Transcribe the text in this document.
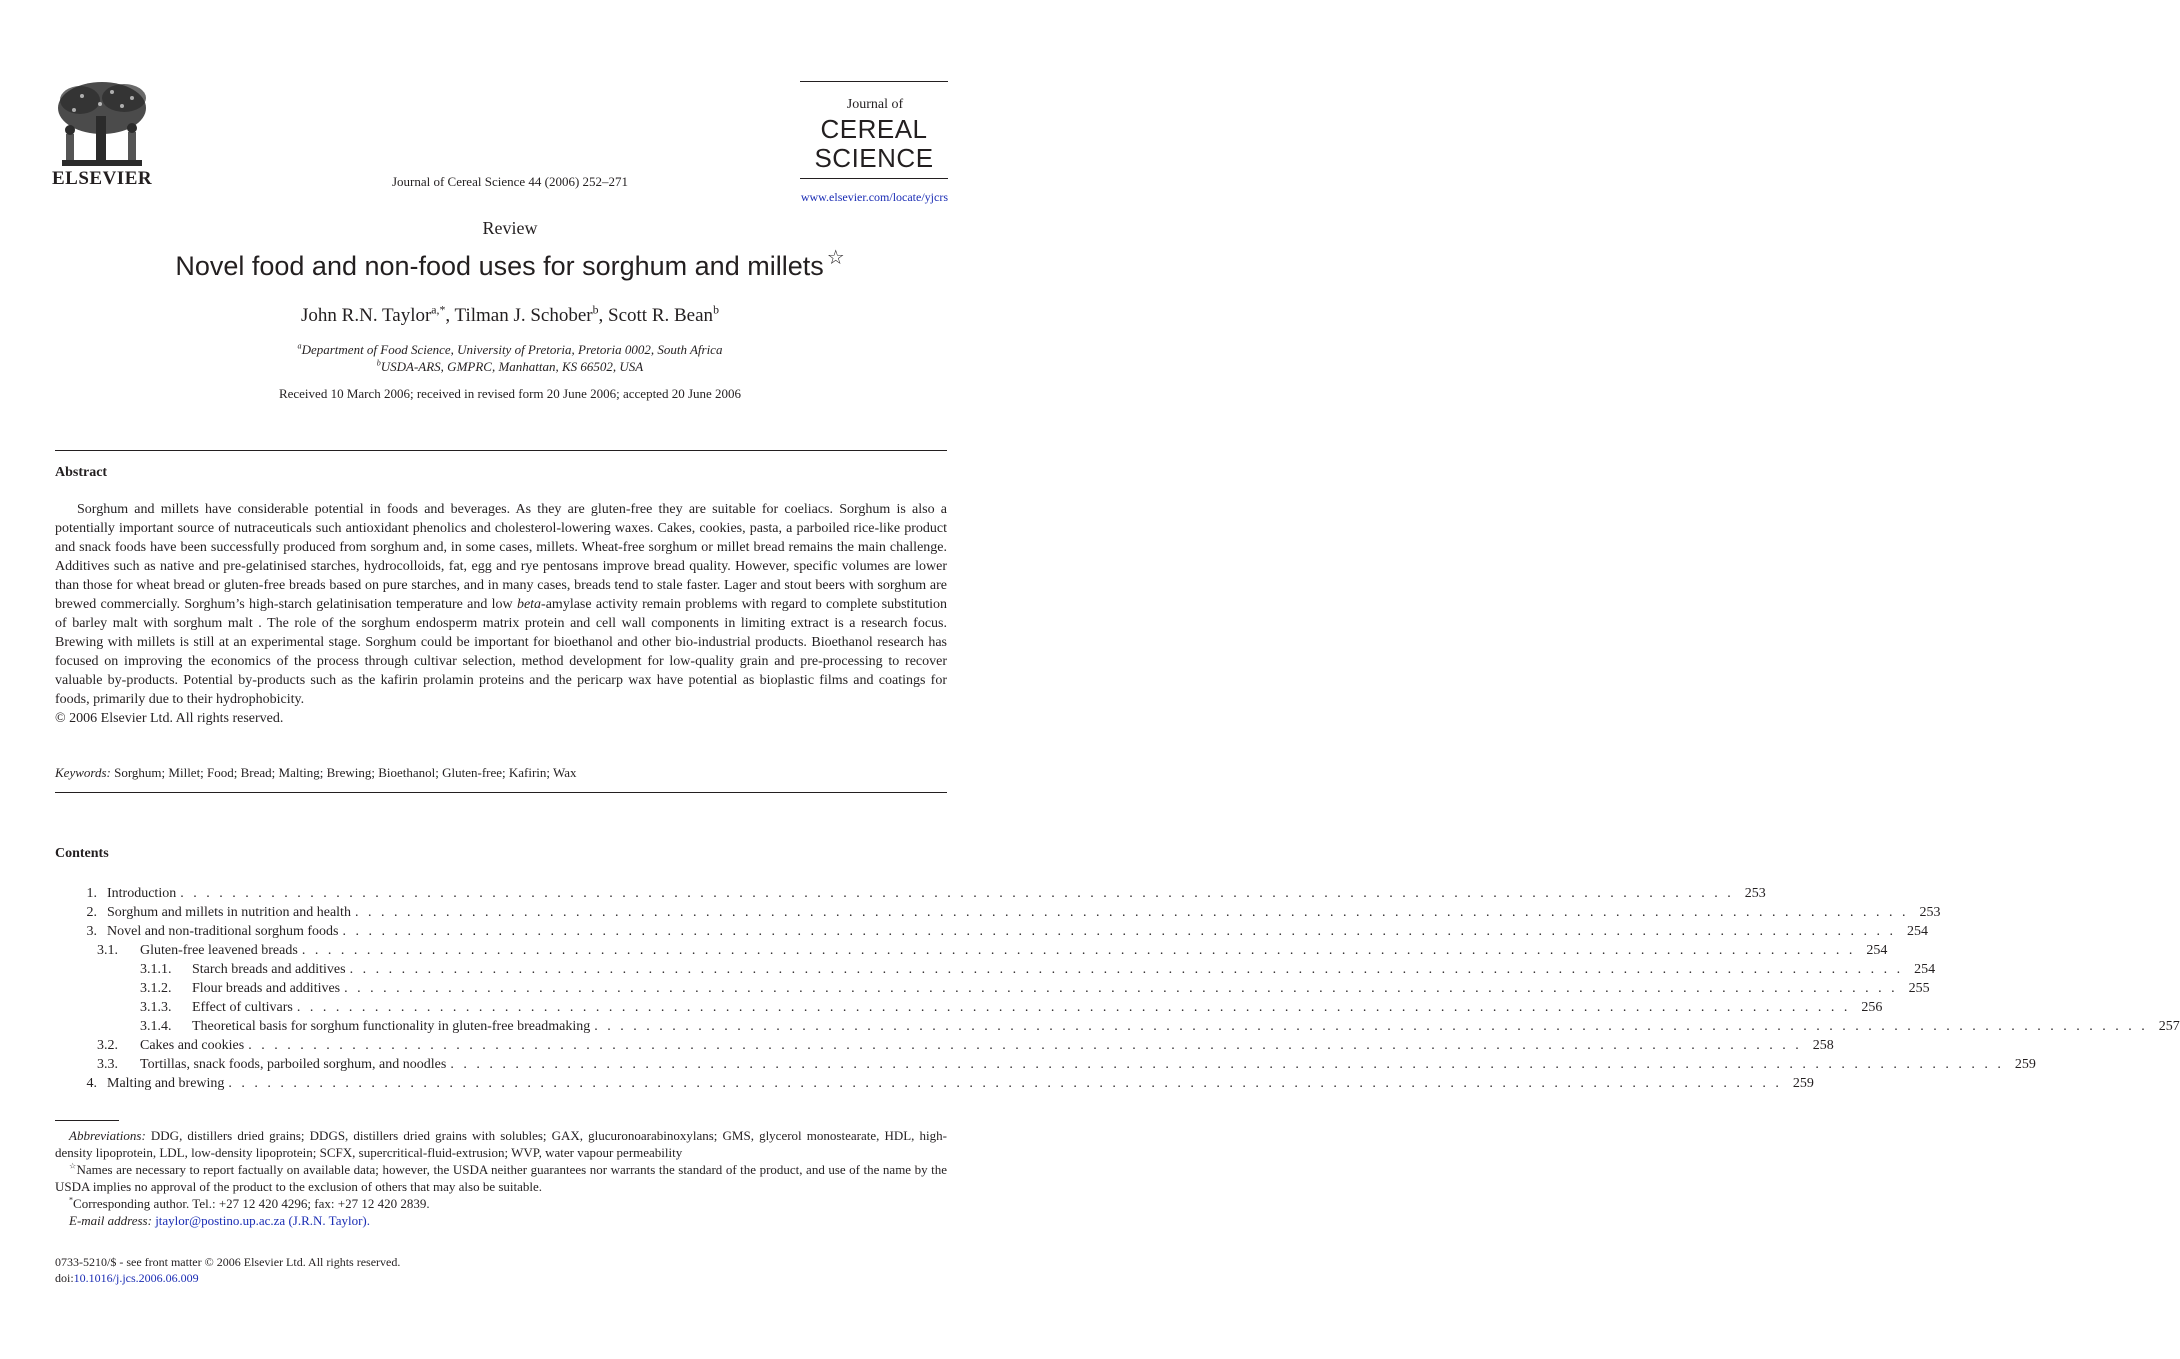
ELSEVIER	Journal of Cereal Science 44 (2006) 252–271
Journal of
CEREAL
SCIENCE
www.elsevier.com/locate/yjcrs
Review
Novel food and non-food uses for sorghum and millets ☆
John R.N. Taylor$^{a,*}$, Tilman J. Schober$^b$, Scott R. Bean$^b$
$^a$Department of Food Science, University of Pretoria, Pretoria 0002, South Africa
$^b$USDA-ARS, GMPRC, Manhattan, KS 66502, USA
Received 10 March 2006; received in revised form 20 June 2006; accepted 20 June 2006
Abstract

Sorghum and millets have considerable potential in foods and beverages. As they are gluten-free they are suitable for coeliacs. Sorghum is also a potentially important source of nutraceuticals such antioxidant phenolics and cholesterol-lowering waxes. Cakes, cookies, pasta, a parboiled rice-like product and snack foods have been successfully produced from sorghum and, in some cases, millets. Wheat-free sorghum or millet bread remains the main challenge. Additives such as native and pre-gelatinised starches, hydrocolloids, fat, egg and rye pentosans improve bread quality. However, specific volumes are lower than those for wheat bread or gluten-free breads based on pure starches, and in many cases, breads tend to stale faster. Lager and stout beers with sorghum are brewed commercially. Sorghum’s high-starch gelatinisation temperature and low beta-amylase activity remain problems with regard to complete substitution of barley malt with sorghum malt . The role of the sorghum endosperm matrix protein and cell wall components in limiting extract is a research focus. Brewing with millets is still at an experimental stage. Sorghum could be important for bioethanol and other bio-industrial products. Bioethanol research has focused on improving the economics of the process through cultivar selection, method development for low-quality grain and pre-processing to recover valuable by-products. Potential by-products such as the kafirin prolamin proteins and the pericarp wax have potential as bioplastic films and coatings for foods, primarily due to their hydrophobicity.

© 2006 Elsevier Ltd. All rights reserved.
Keywords: Sorghum; Millet; Food; Bread; Malting; Brewing; Bioethanol; Gluten-free; Kafirin; Wax
Contents
1. Introduction . . . . . . . . . . . . . . . . . . . . . . . . . . . . . . . . . . . . . . . . . . . . . . . . . . . . . . . . . . . . . . . . . . . . . . . . . . . . . . . . . . . . . . . . . . . . . . . . . . . . . . . . . . . . . . . . . . . . . . . . 253
2. Sorghum and millets in nutrition and health . . . . . . . . . . . . . . . . . . . . . . . . . . . . . . . . . . . . . . . . . . . . . . . . . . . . . . . . . . . . . . . . . . . . . . . . . . . . . . . . . . . . . . . . . . . . . . . . . . . . . . . . . . . . . . . . . . . . . . . . 253
3. Novel and non-traditional sorghum foods . . . . . . . . . . . . . . . . . . . . . . . . . . . . . . . . . . . . . . . . . . . . . . . . . . . . . . . . . . . . . . . . . . . . . . . . . . . . . . . . . . . . . . . . . . . . . . . . . . . . . . . . . . . . . . . . . . . . . . . . 254
3.1.	Gluten-free leavened breads . . . . . . . . . . . . . . . . . . . . . . . . . . . . . . . . . . . . . . . . . . . . . . . . . . . . . . . . . . . . . . . . . . . . . . . . . . . . . . . . . . . . . . . . . . . . . . . . . . . . . . . . . . . . . . . . . . . . . . . . 254
3.1.1.	Starch breads and additives . . . . . . . . . . . . . . . . . . . . . . . . . . . . . . . . . . . . . . . . . . . . . . . . . . . . . . . . . . . . . . . . . . . . . . . . . . . . . . . . . . . . . . . . . . . . . . . . . . . . . . . . . . . . . . . . . . . . . . . . 254
3.1.2.	Flour breads and additives . . . . . . . . . . . . . . . . . . . . . . . . . . . . . . . . . . . . . . . . . . . . . . . . . . . . . . . . . . . . . . . . . . . . . . . . . . . . . . . . . . . . . . . . . . . . . . . . . . . . . . . . . . . . . . . . . . . . . . . . 255
3.1.3.	Effect of cultivars . . . . . . . . . . . . . . . . . . . . . . . . . . . . . . . . . . . . . . . . . . . . . . . . . . . . . . . . . . . . . . . . . . . . . . . . . . . . . . . . . . . . . . . . . . . . . . . . . . . . . . . . . . . . . . . . . . . . . . . . 256
3.1.4.	Theoretical basis for sorghum functionality in gluten-free breadmaking . . . . . . . . . . . . . . . . . . . . . . . . . . . . . . . . . . . . . . . . . . . . . . . . . . . . . . . . . . . . . . . . . . . . . . . . . . . . . . . . . . . . . . . . . . . . . . . . . . . . . . . . . . . . . . . . . . . . . . . . 257
3.2.	Cakes and cookies . . . . . . . . . . . . . . . . . . . . . . . . . . . . . . . . . . . . . . . . . . . . . . . . . . . . . . . . . . . . . . . . . . . . . . . . . . . . . . . . . . . . . . . . . . . . . . . . . . . . . . . . . . . . . . . . . . . . . . . . 258
3.3.	Tortillas, snack foods, parboiled sorghum, and noodles . . . . . . . . . . . . . . . . . . . . . . . . . . . . . . . . . . . . . . . . . . . . . . . . . . . . . . . . . . . . . . . . . . . . . . . . . . . . . . . . . . . . . . . . . . . . . . . . . . . . . . . . . . . . . . . . . . . . . . . . 259
4. Malting and brewing . . . . . . . . . . . . . . . . . . . . . . . . . . . . . . . . . . . . . . . . . . . . . . . . . . . . . . . . . . . . . . . . . . . . . . . . . . . . . . . . . . . . . . . . . . . . . . . . . . . . . . . . . . . . . . . . . . . . . . . . 259

Abbreviations: DDG, distillers dried grains; DDGS, distillers dried grains with solubles; GAX, glucuronoarabinoxylans; GMS, glycerol monostearate, HDL, high-density lipoprotein, LDL, low-density lipoprotein; SCFX, supercritical-fluid-extrusion; WVP, water vapour permeability

☆Names are necessary to report factually on available data; however, the USDA neither guarantees nor warrants the standard of the product, and use of the name by the USDA implies no approval of the product to the exclusion of others that may also be suitable.

*Corresponding author. Tel.: +27 12 420 4296; fax: +27 12 420 2839.

E-mail address: jtaylor@postino.up.ac.za (J.R.N. Taylor).

0733-5210/$ - see front matter © 2006 Elsevier Ltd. All rights reserved.
doi:10.1016/j.jcs.2006.06.009
